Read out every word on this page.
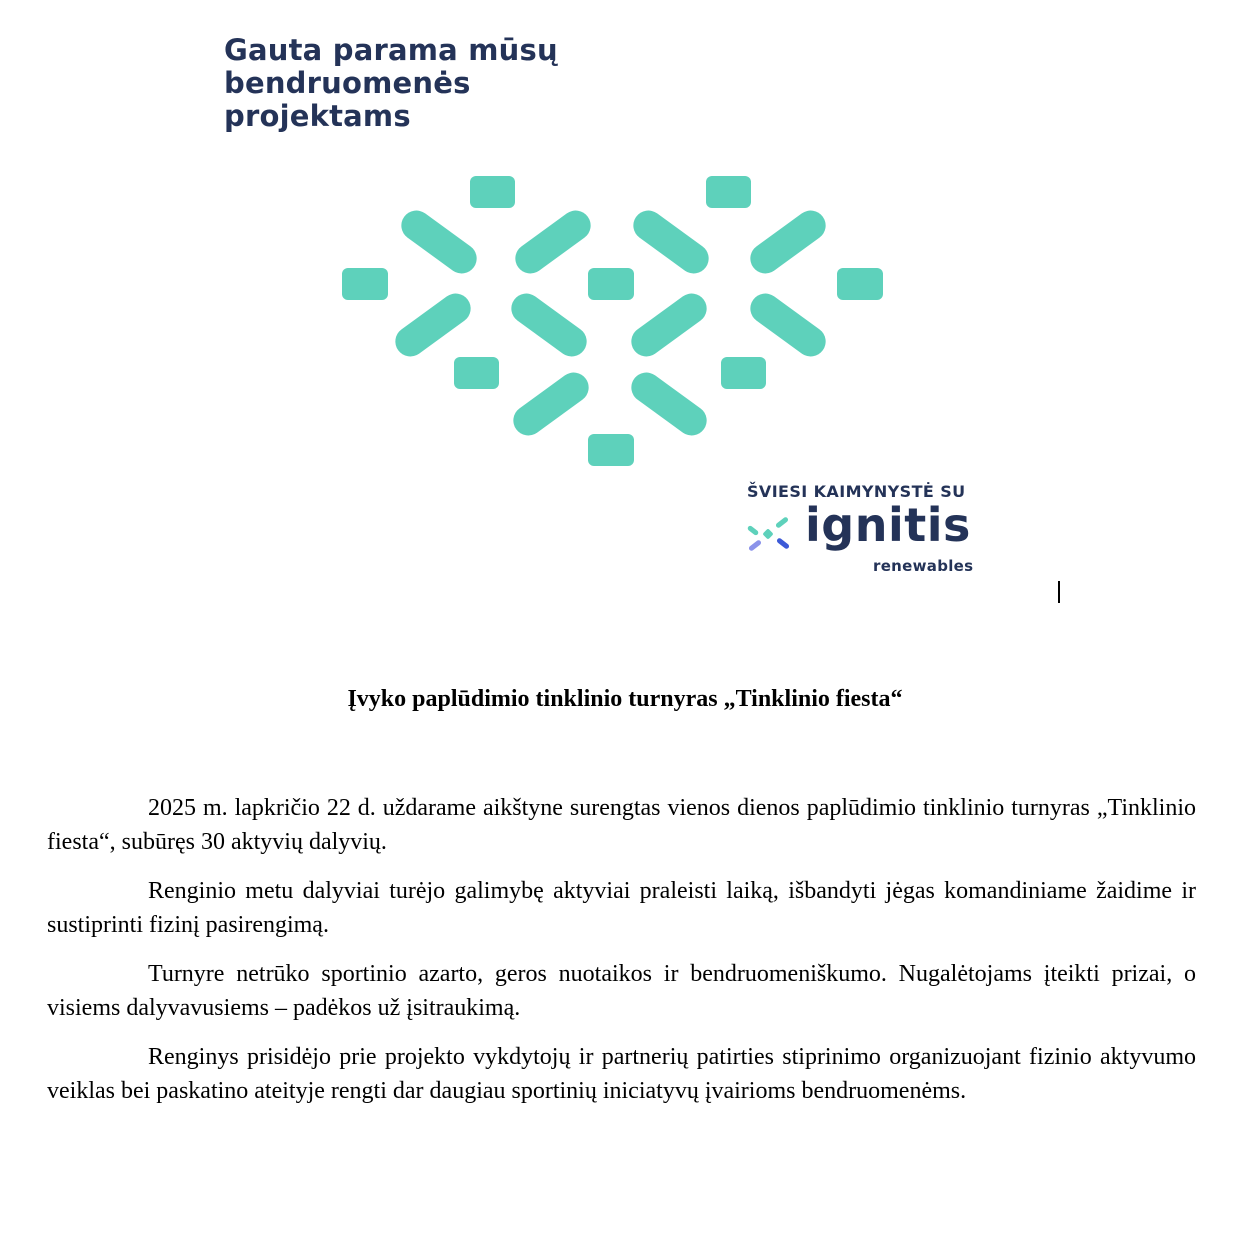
Gauta parama mūsų
bendruomenės
projektams
ŠVIESI KAIMYNYSTĖ SU
ignitis
renewables
Įvyko paplūdimio tinklinio turnyras „Tinklinio fiesta“

2025 m. lapkričio 22 d. uždarame aikštyne surengtas vienos dienos paplūdimio tinklinio turnyras „Tinklinio fiesta“, subūręs 30 aktyvių dalyvių.

Renginio metu dalyviai turėjo galimybę aktyviai praleisti laiką, išbandyti jėgas komandiniame žaidime ir sustiprinti fizinį pasirengimą.

Turnyre netrūko sportinio azarto, geros nuotaikos ir bendruomeniškumo. Nugalėtojams įteikti prizai, o visiems dalyvavusiems – padėkos už įsitraukimą.

Renginys prisidėjo prie projekto vykdytojų ir partnerių patirties stiprinimo organizuojant fizinio aktyvumo veiklas bei paskatino ateityje rengti dar daugiau sportinių iniciatyvų įvairioms bendruomenėms.
